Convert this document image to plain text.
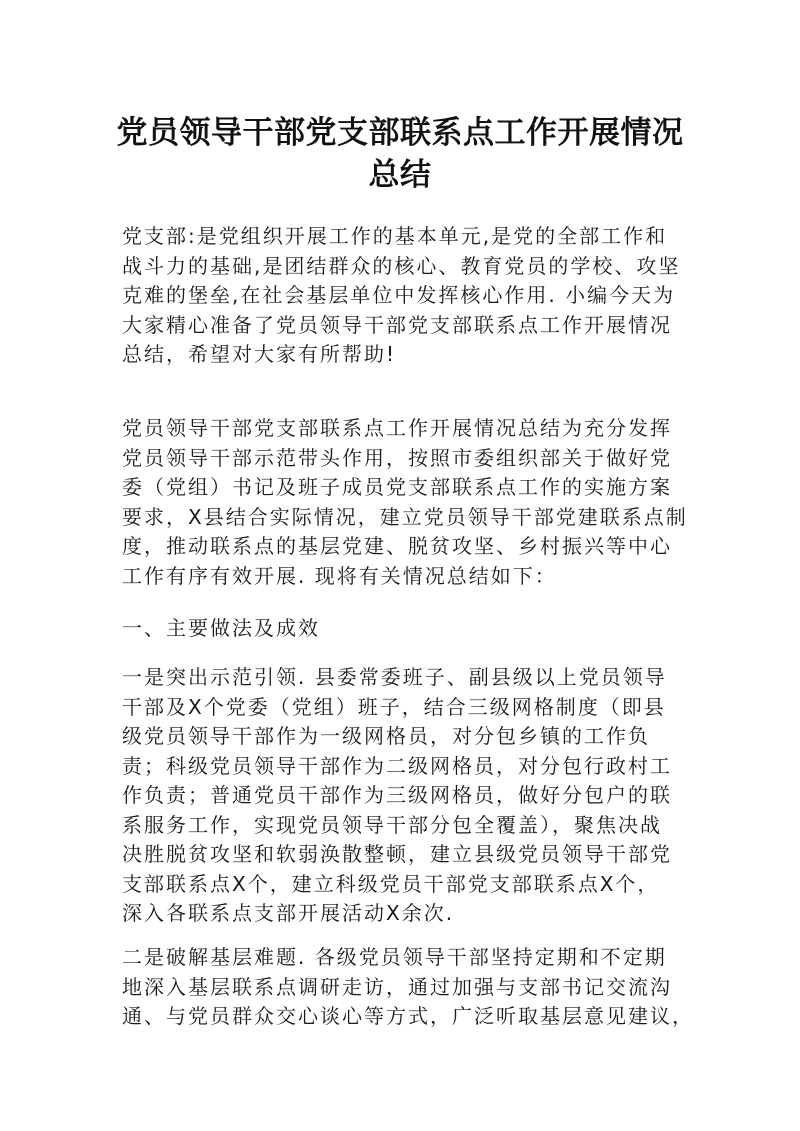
党员领导干部党支部联系点工作开展情况
总结

党支部:是党组织开展工作的基本单元,是党的全部工作和
战斗力的基础,是团结群众的核心、教育党员的学校、攻坚
克难的堡垒,在社会基层单位中发挥核心作用. 小编今天为
大家精心准备了党员领导干部党支部联系点工作开展情况
总结，希望对大家有所帮助!

党员领导干部党支部联系点工作开展情况总结为充分发挥
党员领导干部示范带头作用，按照市委组织部关于做好党
委（党组）书记及班子成员党支部联系点工作的实施方案
要求，X县结合实际情况，建立党员领导干部党建联系点制
度，推动联系点的基层党建、脱贫攻坚、乡村振兴等中心
工作有序有效开展. 现将有关情况总结如下：

一、主要做法及成效

一是突出示范引领. 县委常委班子、副县级以上党员领导
干部及X个党委（党组）班子，结合三级网格制度（即县
级党员领导干部作为一级网格员，对分包乡镇的工作负
责；科级党员领导干部作为二级网格员，对分包行政村工
作负责；普通党员干部作为三级网格员，做好分包户的联
系服务工作，实现党员领导干部分包全覆盖），聚焦决战
决胜脱贫攻坚和软弱涣散整顿，建立县级党员领导干部党
支部联系点X个，建立科级党员干部党支部联系点X个，
深入各联系点支部开展活动X余次.

二是破解基层难题. 各级党员领导干部坚持定期和不定期
地深入基层联系点调研走访，通过加强与支部书记交流沟
通、与党员群众交心谈心等方式，广泛听取基层意见建议，
